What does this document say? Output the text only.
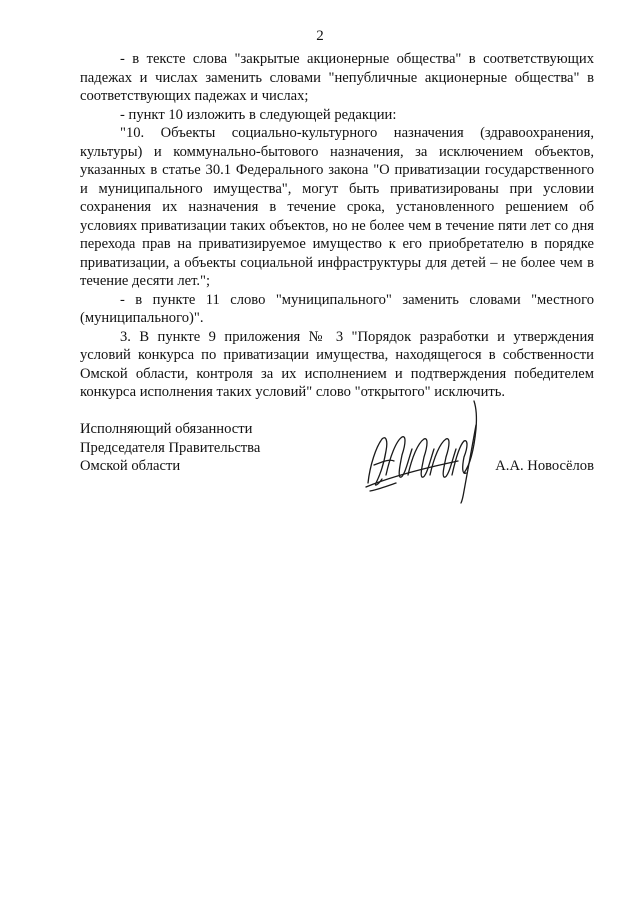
2

- в тексте слова "закрытые акционерные общества" в соответствующих падежах и числах заменить словами "непубличные акционерные общества" в соответствующих падежах и числах;

- пункт 10 изложить в следующей редакции:

"10. Объекты социально-культурного назначения (здравоохранения, культуры) и коммунально-бытового назначения, за исключением объектов, указанных в статье 30.1 Федерального закона "О приватизации государственного и муниципального имущества", могут быть приватизированы при условии сохранения их назначения в течение срока, установленного решением об условиях приватизации таких объектов, но не более чем в течение пяти лет со дня перехода прав на приватизируемое имущество к его приобретателю в порядке приватизации, а объекты социальной инфраструктуры для детей – не более чем в течение десяти лет.";

- в пункте 11 слово "муниципального" заменить словами "местного (муниципального)".

3. В пункте 9 приложения № 3 "Порядок разработки и утверждения условий конкурса по приватизации имущества, находящегося в собственности Омской области, контроля за их исполнением и подтверждения победителем конкурса исполнения таких условий" слово "открытого" исключить.

Исполняющий обязанности
Председателя Правительства
Омской области	А.А. Новосёлов
